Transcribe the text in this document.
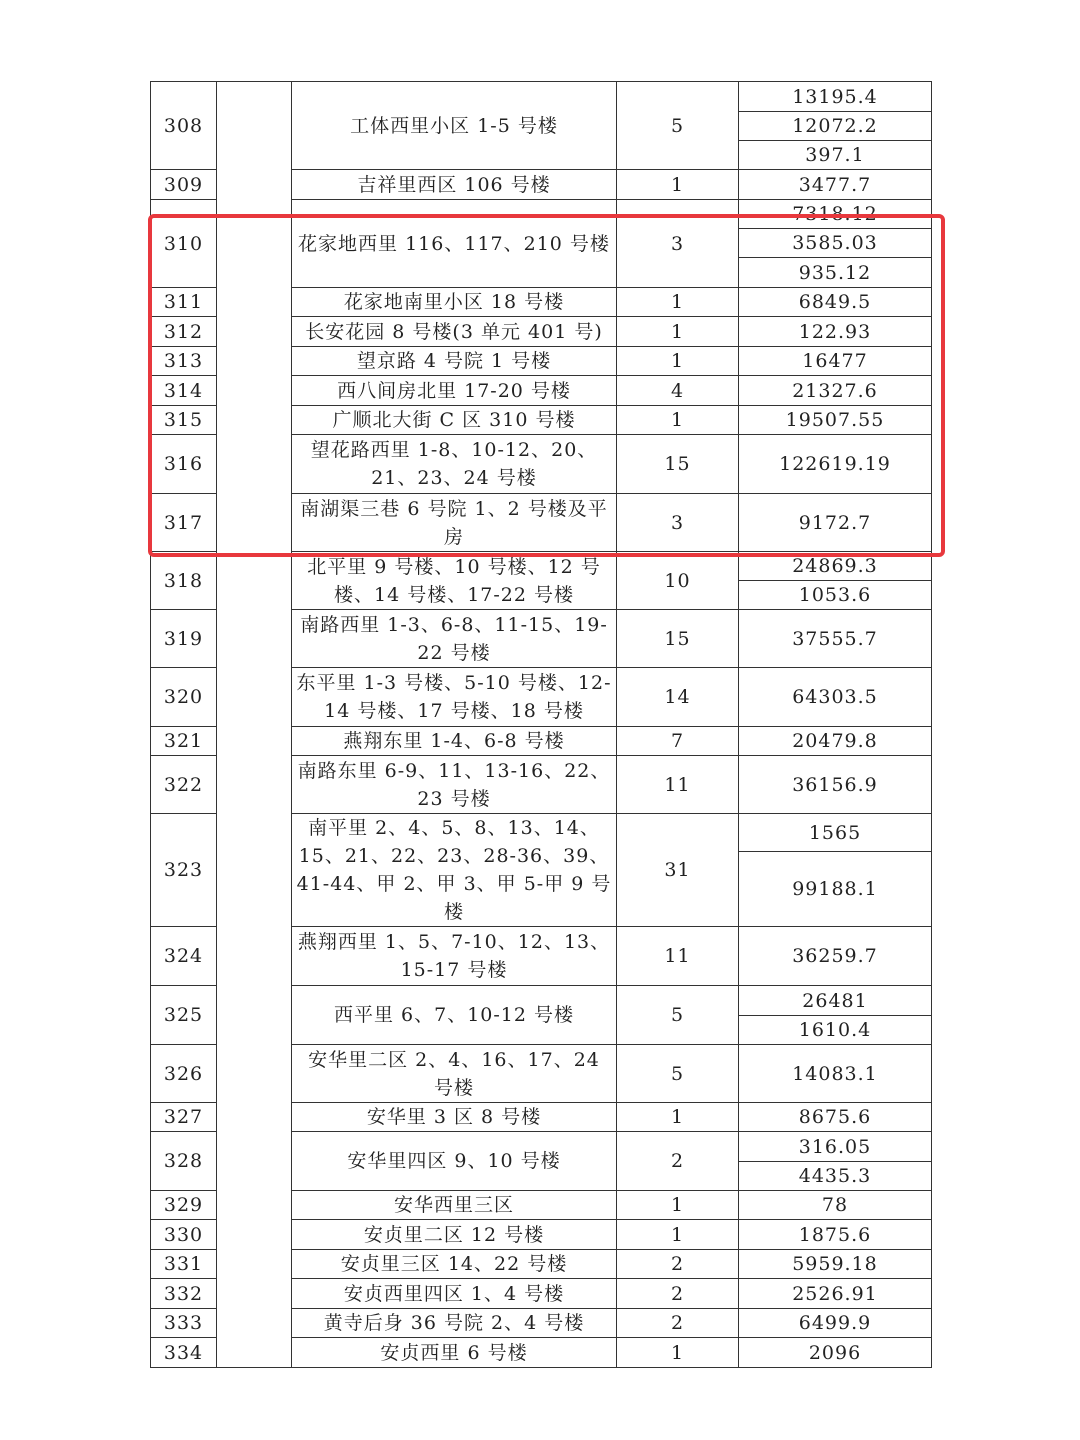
308		工体西里小区 1-5 号楼	5	13195.4
				12072.2
				397.1
309		吉祥里西区 106 号楼	1	3477.7
310		花家地西里 116、117、210 号楼	3	7318.12
				3585.03
				935.12
311		花家地南里小区 18 号楼	1	6849.5
312		长安花园 8 号楼(3 单元 401 号)	1	122.93
313		望京路 4 号院 1 号楼	1	16477
314		西八间房北里 17-20 号楼	4	21327.6
315		广顺北大街 C 区 310 号楼	1	19507.55
316		望花路西里 1-8、10-12、20、21、23、24 号楼	15	122619.19
317		南湖渠三巷 6 号院 1、2 号楼及平房	3	9172.7
318		北平里 9 号楼、10 号楼、12 号楼、14 号楼、17-22 号楼	10	24869.3
				1053.6
319		南路西里 1-3、6-8、11-15、19-22 号楼	15	37555.7
320		东平里 1-3 号楼、5-10 号楼、12-14 号楼、17 号楼、18 号楼	14	64303.5
321		燕翔东里 1-4、6-8 号楼	7	20479.8
322		南路东里 6-9、11、13-16、22、23 号楼	11	36156.9
323		南平里 2、4、5、8、13、14、15、21、22、23、28-36、39、41-44、甲 2、甲 3、甲 5-甲 9 号楼	31	1565
				99188.1
324		燕翔西里 1、5、7-10、12、13、15-17 号楼	11	36259.7
325		西平里 6、7、10-12 号楼	5	26481
				1610.4
326		安华里二区 2、4、16、17、24 号楼	5	14083.1
327		安华里 3 区 8 号楼	1	8675.6
328		安华里四区 9、10 号楼	2	316.05
				4435.3
329		安华西里三区	1	78
330		安贞里二区 12 号楼	1	1875.6
331		安贞里三区 14、22 号楼	2	5959.18
332		安贞西里四区 1、4 号楼	2	2526.91
333		黄寺后身 36 号院 2、4 号楼	2	6499.9
334		安贞西里 6 号楼	1	2096
